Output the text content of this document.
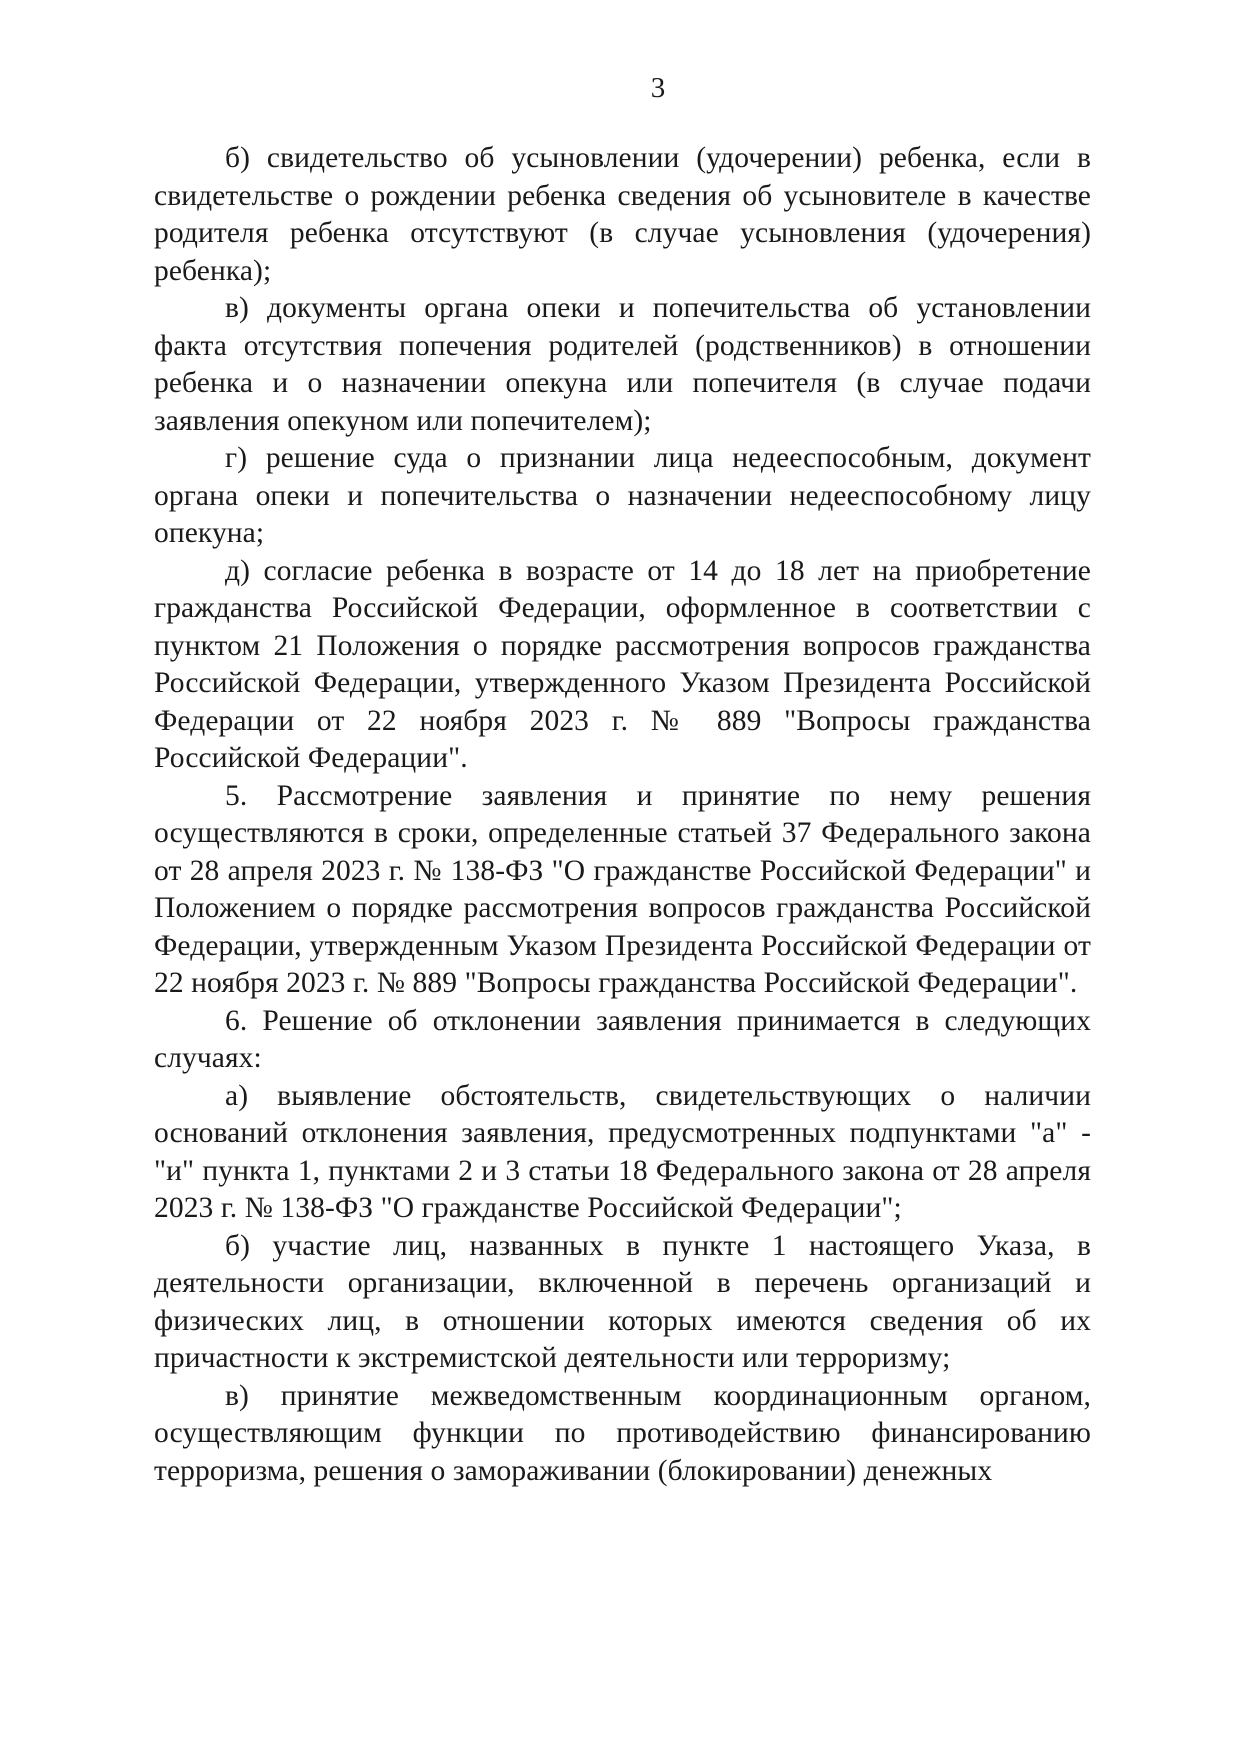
3

б) свидетельство об усыновлении (удочерении) ребенка, если в свидетельстве о рождении ребенка сведения об усыновителе в качестве родителя ребенка отсутствуют (в случае усыновления (удочерения) ребенка);

в) документы органа опеки и попечительства об установлении факта отсутствия попечения родителей (родственников) в отношении ребенка и о назначении опекуна или попечителя (в случае подачи заявления опекуном или попечителем);

г) решение суда о признании лица недееспособным, документ органа опеки и попечительства о назначении недееспособному лицу опекуна;

д) согласие ребенка в возрасте от 14 до 18 лет на приобретение гражданства Российской Федерации, оформленное в соответствии с пунктом 21 Положения о порядке рассмотрения вопросов гражданства Российской Федерации, утвержденного Указом Президента Российской Федерации от 22 ноября 2023 г. № 889 "Вопросы гражданства Российской Федерации".

5. Рассмотрение заявления и принятие по нему решения осуществляются в сроки, определенные статьей 37 Федерального закона от 28 апреля 2023 г. № 138-ФЗ "О гражданстве Российской Федерации" и Положением о порядке рассмотрения вопросов гражданства Российской Федерации, утвержденным Указом Президента Российской Федерации от 22 ноября 2023 г. № 889 "Вопросы гражданства Российской Федерации".

6. Решение об отклонении заявления принимается в следующих случаях:

а) выявление обстоятельств, свидетельствующих о наличии оснований отклонения заявления, предусмотренных подпунктами "а" - "и" пункта 1, пунктами 2 и 3 статьи 18 Федерального закона от 28 апреля 2023 г. № 138-ФЗ "О гражданстве Российской Федерации";

б) участие лиц, названных в пункте 1 настоящего Указа, в деятельности организации, включенной в перечень организаций и физических лиц, в отношении которых имеются сведения об их причастности к экстремистской деятельности или терроризму;

в) принятие межведомственным координационным органом, осуществляющим функции по противодействию финансированию терроризма, решения о замораживании (блокировании) денежных
